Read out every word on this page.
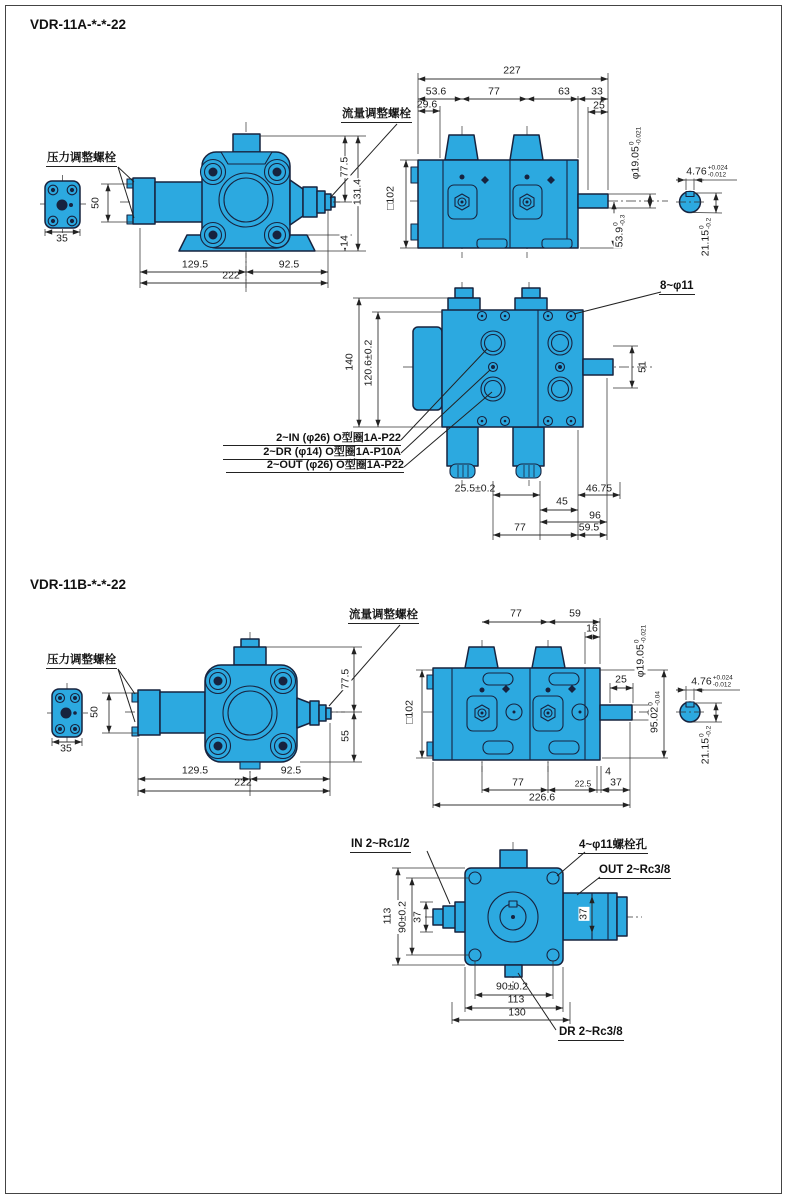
VDR-11A-*-*-22
压力调整螺栓
流量调整螺栓
35
50
77.5
131.4
14
129.5	92.5
222
227
53.6	77	63 33
25
29.6
□102
φ19.05
0 -0.021
53.9
0 -0.3
4.76 +0.024
-0.012
21.15
0 -0.2
8~φ11
140 120.6±0.2	51
2~IN (φ26) O型圈1A-P22
2~DR (φ14) O型圈1A-P10A
2~OUT (φ26) O型圈1A-P22
25.5±0.2	46.75
45
96
77	59.5
VDR-11B-*-*-22
流量调整螺栓
压力调整螺栓
50
35
77.5
55
129.5	92.5
222
77	59
16
□102
25
φ19.05
0 -0.021
95.02
0 -0.04
4.76 +0.024
-0.012
21.15
0 -0.2
77	22.5
4
37
226.6
IN 2~Rc1/2	4~φ11螺栓孔
OUT 2~Rc3/8
DR 2~Rc3/8
113 90±0.2 37	37
90±0.2
113
130
